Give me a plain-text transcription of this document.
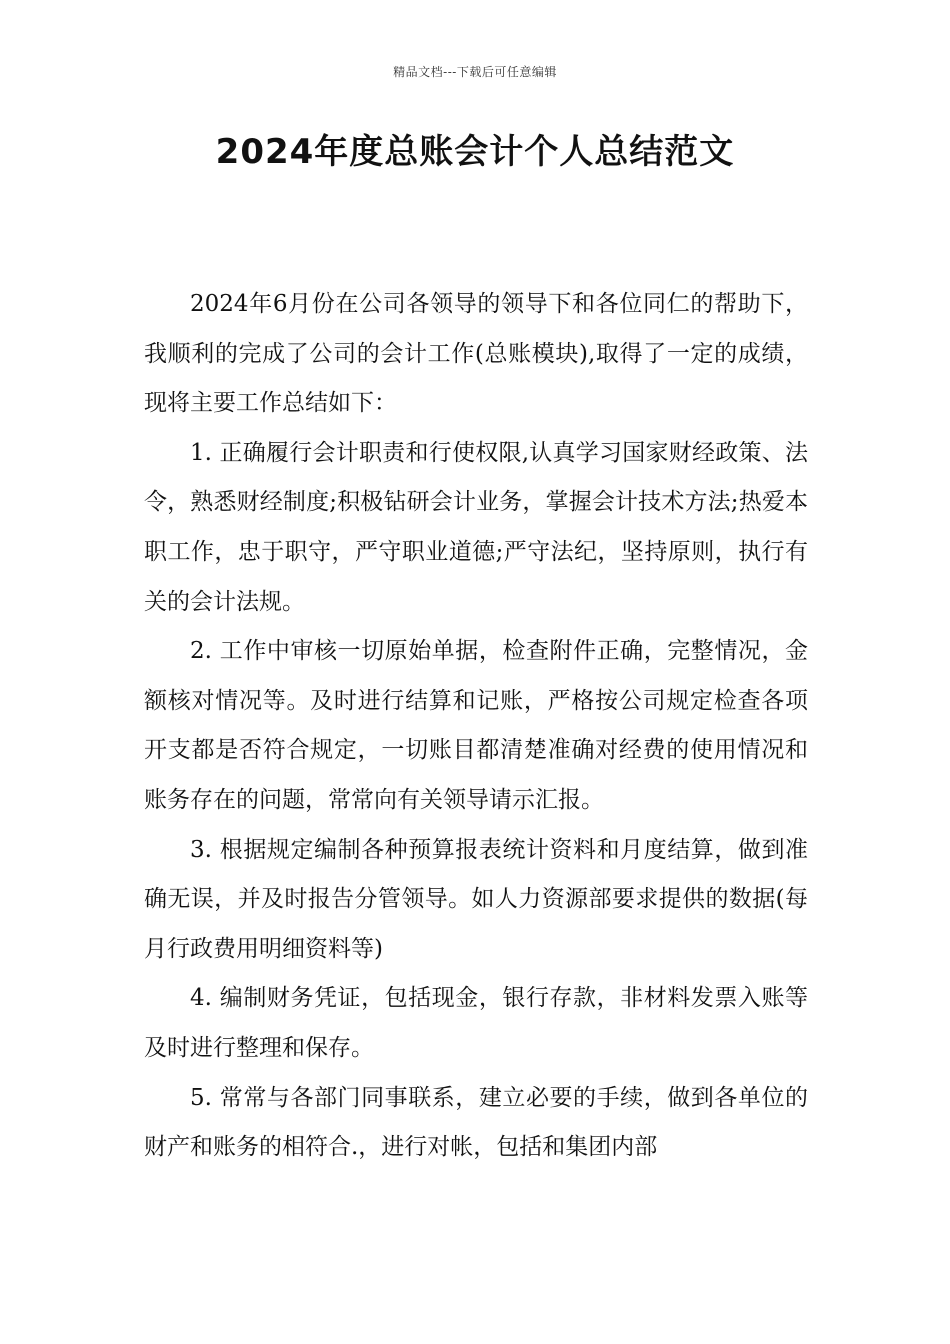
精品文档---下载后可任意编辑
2024年度总账会计个人总结范文

2024年6月份在公司各领导的领导下和各位同仁的帮助下，我顺利的完成了公司的会计工作(总账模块),取得了一定的成绩，现将主要工作总结如下：

1. 正确履行会计职责和行使权限,认真学习国家财经政策、法令，熟悉财经制度;积极钻研会计业务，掌握会计技术方法;热爱本职工作，忠于职守，严守职业道德;严守法纪，坚持原则，执行有关的会计法规。

2. 工作中审核一切原始单据，检查附件正确，完整情况，金额核对情况等。及时进行结算和记账，严格按公司规定检查各项开支都是否符合规定，一切账目都清楚准确对经费的使用情况和账务存在的问题，常常向有关领导请示汇报。

3. 根据规定编制各种预算报表统计资料和月度结算，做到准确无误，并及时报告分管领导。如人力资源部要求提供的数据(每月行政费用明细资料等)

4. 编制财务凭证，包括现金，银行存款，非材料发票入账等及时进行整理和保存。

5. 常常与各部门同事联系，建立必要的手续，做到各单位的财产和账务的相符合.，进行对帐，包括和集团内部
